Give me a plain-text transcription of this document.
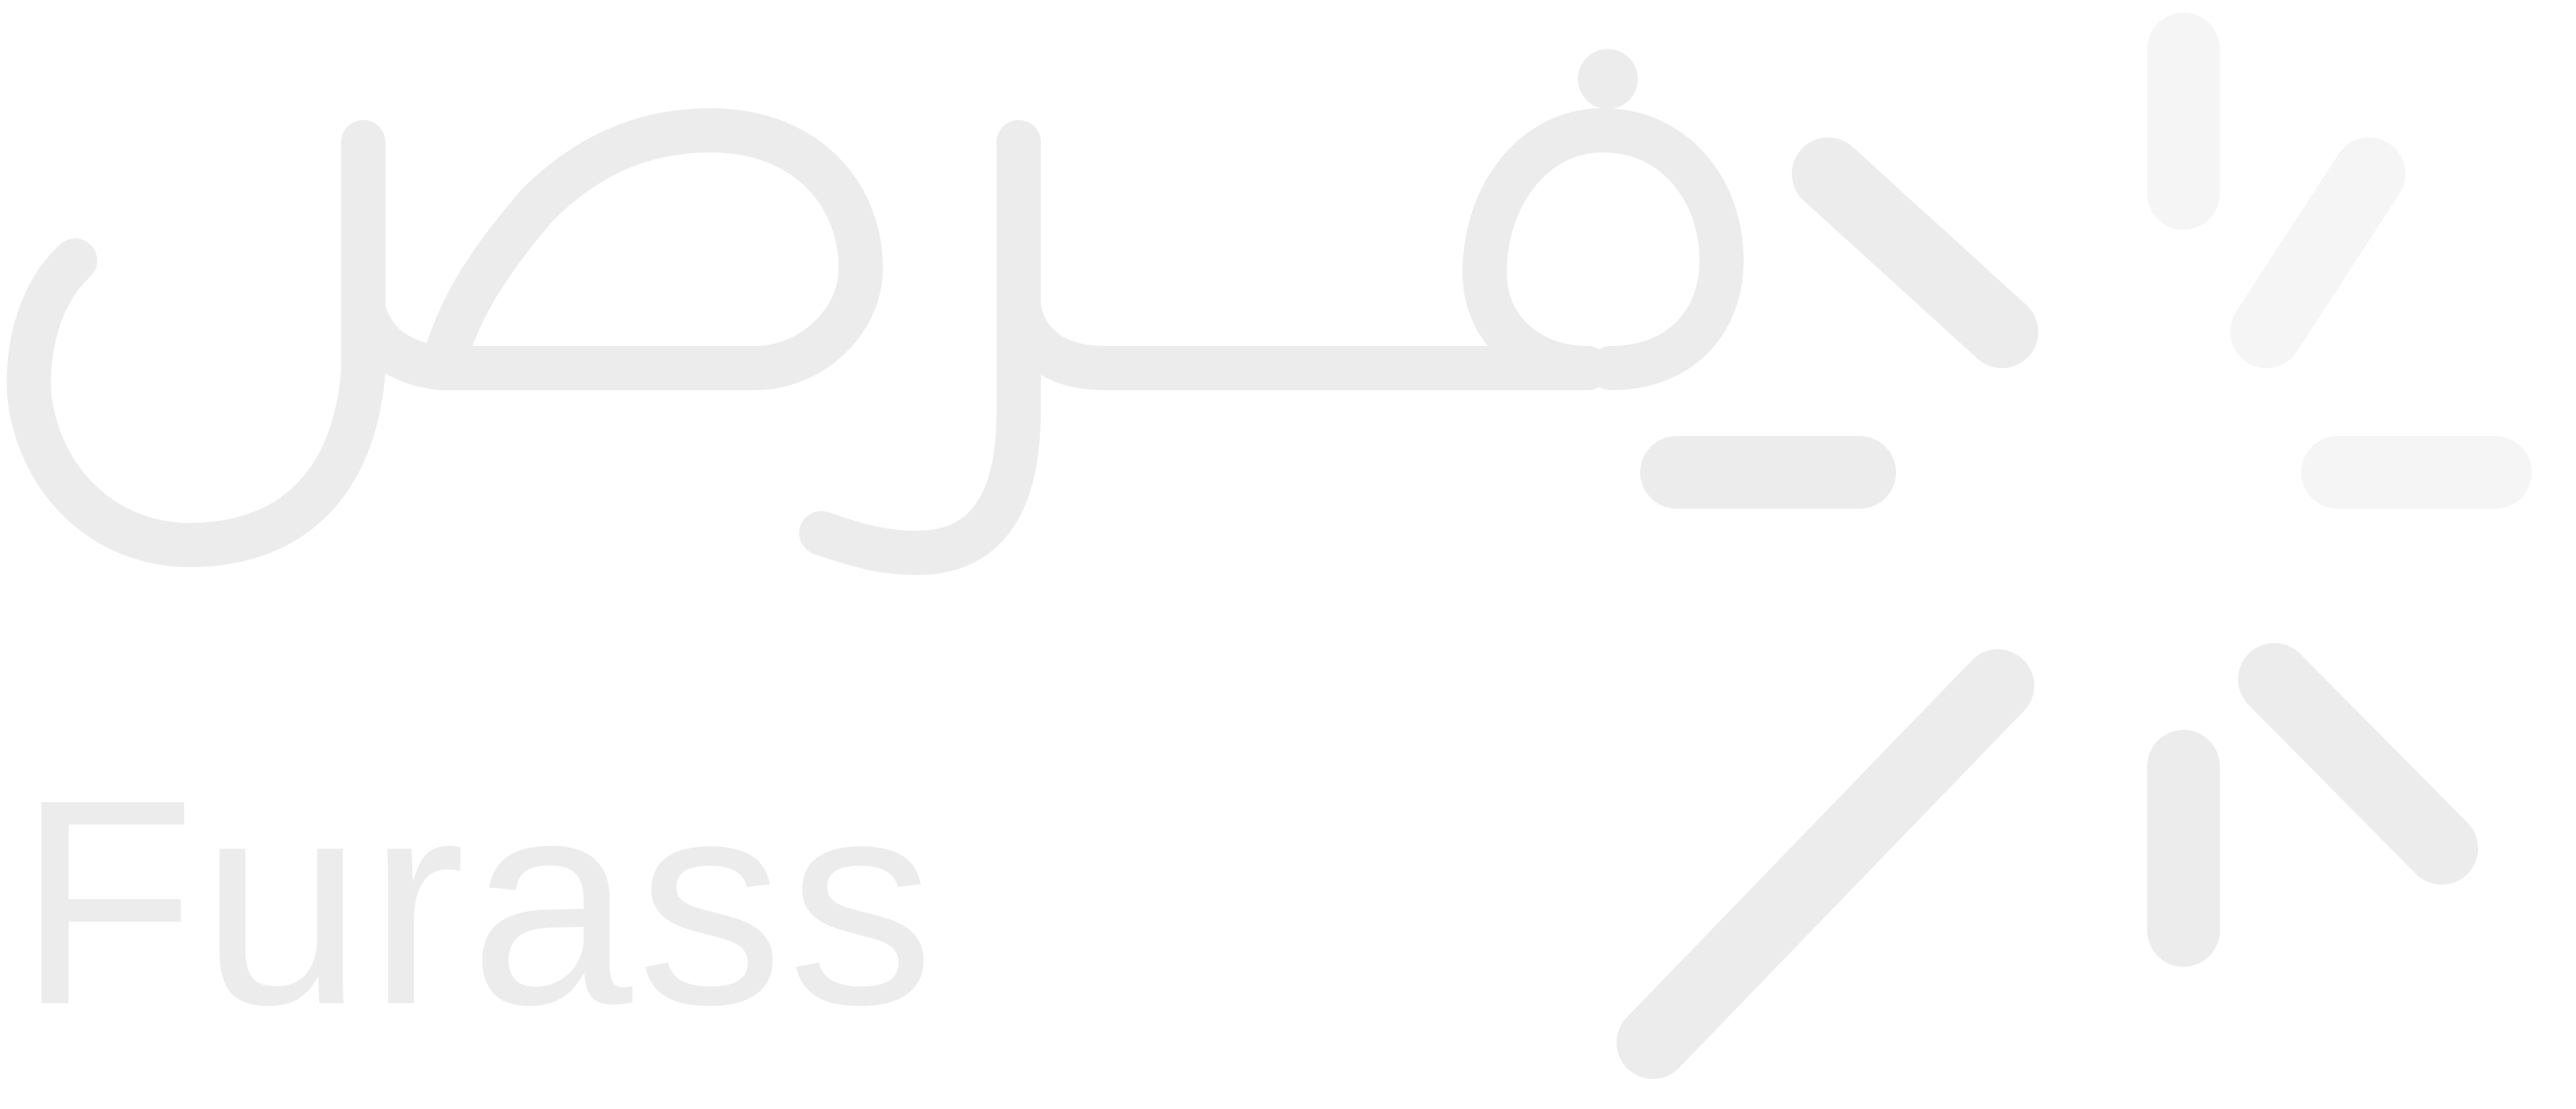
فرص
Furass
